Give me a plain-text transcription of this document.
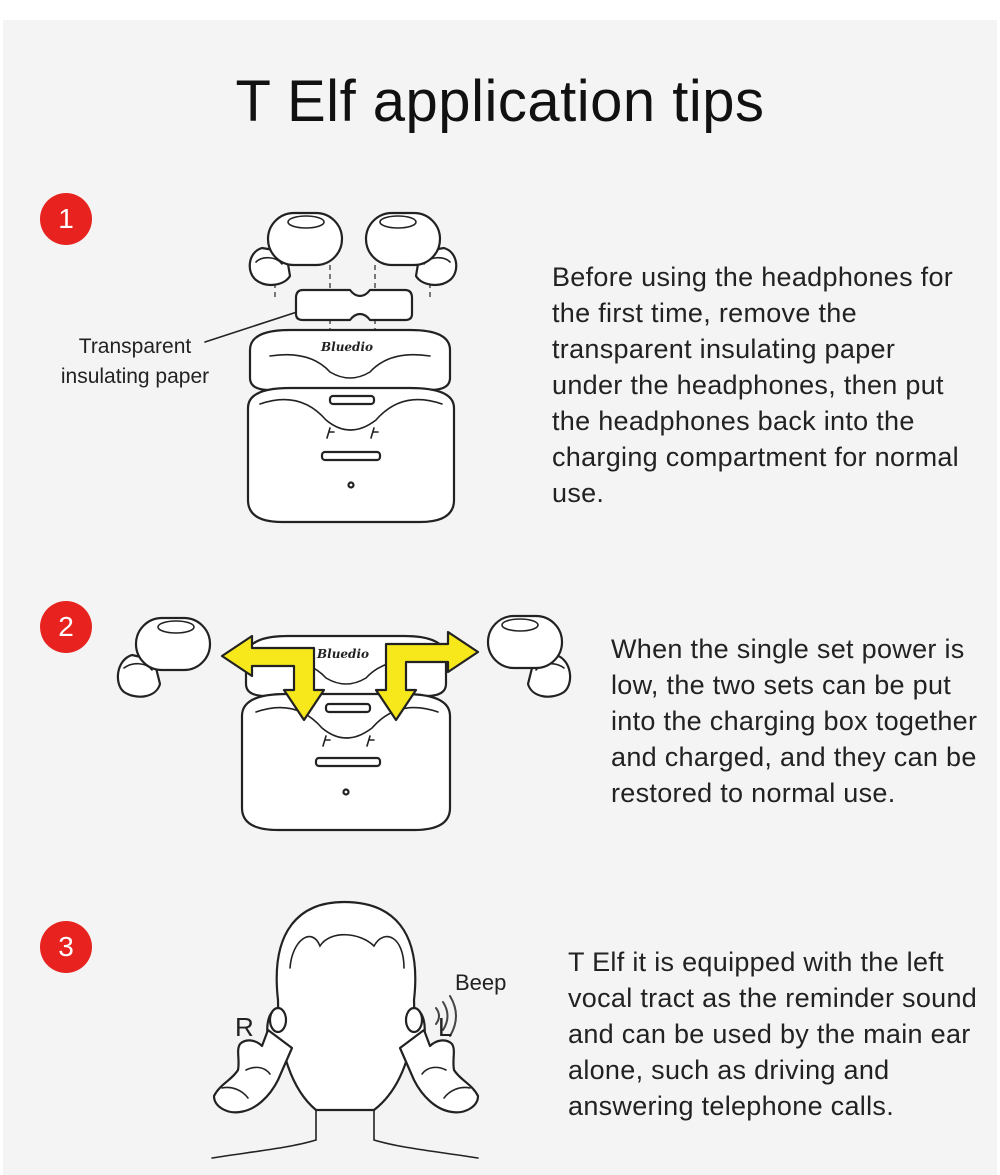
T Elf application tips
1
Bluedio
Transparent
insulating paper

Before using the headphones for the first time, remove the transparent insulating paper under the headphones, then put the headphones back into the charging compartment for normal use.

2
Bluedio	When the single set power is low, the two sets can be put into the charging box together and charged, and they can be restored to normal use.

3
Beep
R	L

T Elf it is equipped with the left vocal tract as the reminder sound and can be used by the main ear alone, such as driving and answering telephone calls.
